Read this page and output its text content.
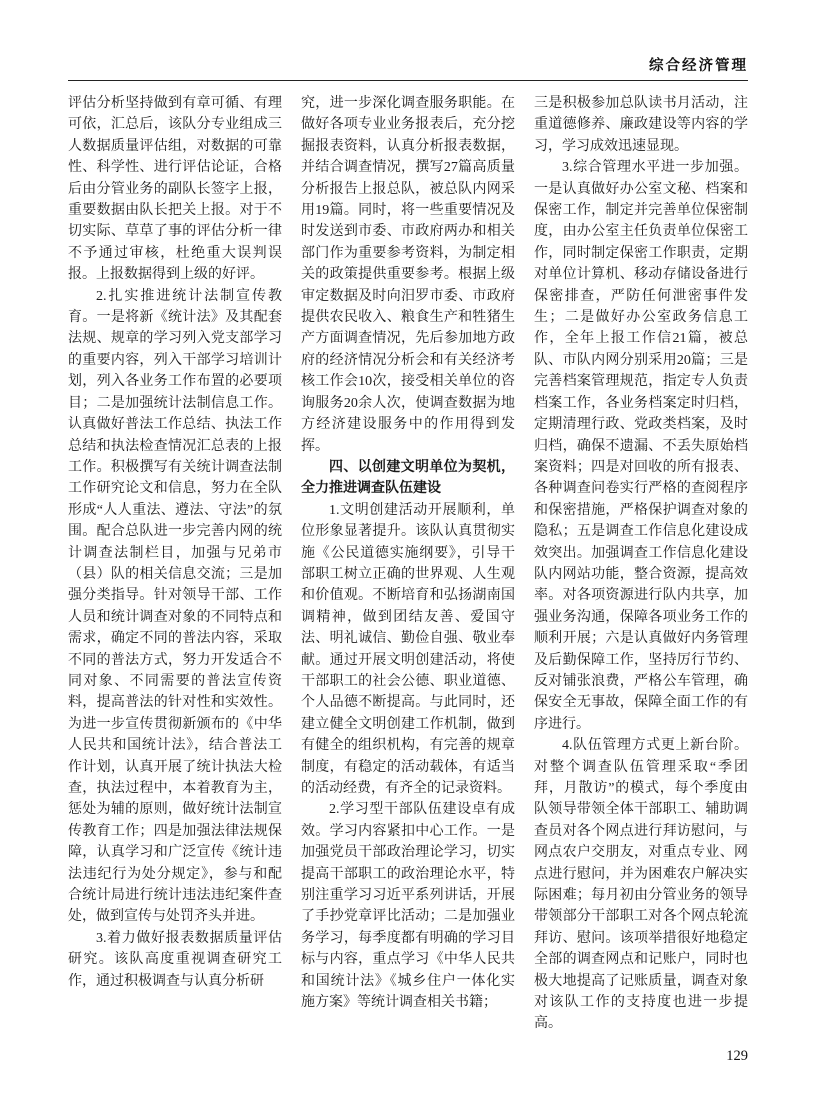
综合经济管理

评估分析坚持做到有章可循、有理可依，汇总后，该队分专业组成三人数据质量评估组，对数据的可靠性、科学性、进行评估论证，合格后由分管业务的副队长签字上报，重要数据由队长把关上报。对于不切实际、草草了事的评估分析一律不予通过审核，杜绝重大误判误报。上报数据得到上级的好评。

2.扎实推进统计法制宣传教育。一是将新《统计法》及其配套法规、规章的学习列入党支部学习的重要内容，列入干部学习培训计划，列入各业务工作布置的必要项目；二是加强统计法制信息工作。认真做好普法工作总结、执法工作总结和执法检查情况汇总表的上报工作。积极撰写有关统计调查法制工作研究论文和信息，努力在全队形成“人人重法、遵法、守法”的氛围。配合总队进一步完善内网的统计调查法制栏目，加强与兄弟市（县）队的相关信息交流；三是加强分类指导。针对领导干部、工作人员和统计调查对象的不同特点和需求，确定不同的普法内容，采取不同的普法方式，努力开发适合不同对象、不同需要的普法宣传资料，提高普法的针对性和实效性。为进一步宣传贯彻新颁布的《中华人民共和国统计法》，结合普法工作计划，认真开展了统计执法大检查，执法过程中，本着教育为主，惩处为辅的原则，做好统计法制宣传教育工作；四是加强法律法规保障，认真学习和广泛宣传《统计违法违纪行为处分规定》，参与和配合统计局进行统计违法违纪案件查处，做到宣传与处罚齐头并进。

3.着力做好报表数据质量评估研究。该队高度重视调查研究工作，通过积极调查与认真分析研

究，进一步深化调查服务职能。在做好各项专业业务报表后，充分挖掘报表资料，认真分析报表数据，并结合调查情况，撰写27篇高质量分析报告上报总队，被总队内网采用19篇。同时，将一些重要情况及时发送到市委、市政府两办和相关部门作为重要参考资料，为制定相关的政策提供重要参考。根据上级审定数据及时向汨罗市委、市政府提供农民收入、粮食生产和牲猪生产方面调查情况，先后参加地方政府的经济情况分析会和有关经济考核工作会10次，接受相关单位的咨询服务20余人次，使调查数据为地方经济建设服务中的作用得到发挥。

四、以创建文明单位为契机，全力推进调查队伍建设

1.文明创建活动开展顺利，单位形象显著提升。该队认真贯彻实施《公民道德实施纲要》，引导干部职工树立正确的世界观、人生观和价值观。不断培育和弘扬湖南国调精神，做到团结友善、爱国守法、明礼诚信、勤俭自强、敬业奉献。通过开展文明创建活动，将使干部职工的社会公德、职业道德、个人品德不断提高。与此同时，还建立健全文明创建工作机制，做到有健全的组织机构，有完善的规章制度，有稳定的活动载体，有适当的活动经费，有齐全的记录资料。

2.学习型干部队伍建设卓有成效。学习内容紧扣中心工作。一是加强党员干部政治理论学习，切实提高干部职工的政治理论水平，特别注重学习习近平系列讲话，开展了手抄党章评比活动；二是加强业务学习，每季度都有明确的学习目标与内容，重点学习《中华人民共和国统计法》《城乡住户一体化实施方案》等统计调查相关书籍；

三是积极参加总队读书月活动，注重道德修养、廉政建设等内容的学习，学习成效迅速显现。

3.综合管理水平进一步加强。一是认真做好办公室文秘、档案和保密工作，制定并完善单位保密制度，由办公室主任负责单位保密工作，同时制定保密工作职责，定期对单位计算机、移动存储设备进行保密排查，严防任何泄密事件发生；二是做好办公室政务信息工作，全年上报工作信21篇，被总队、市队内网分别采用20篇；三是完善档案管理规范，指定专人负责档案工作，各业务档案定时归档，定期清理行政、党政类档案，及时归档，确保不遗漏、不丢失原始档案资料；四是对回收的所有报表、各种调查问卷实行严格的查阅程序和保密措施，严格保护调查对象的隐私；五是调查工作信息化建设成效突出。加强调查工作信息化建设队内网站功能，整合资源，提高效率。对各项资源进行队内共享，加强业务沟通，保障各项业务工作的顺利开展；六是认真做好内务管理及后勤保障工作，坚持厉行节约、反对铺张浪费，严格公车管理，确保安全无事故，保障全面工作的有序进行。

4.队伍管理方式更上新台阶。对整个调查队伍管理采取“季团拜，月散访”的模式，每个季度由队领导带领全体干部职工、辅助调查员对各个网点进行拜访慰问，与网点农户交朋友，对重点专业、网点进行慰问，并为困难农户解决实际困难；每月初由分管业务的领导带领部分干部职工对各个网点轮流拜访、慰问。该项举措很好地稳定全部的调查网点和记账户，同时也极大地提高了记账质量，调查对象对该队工作的支持度也进一步提高。

129
